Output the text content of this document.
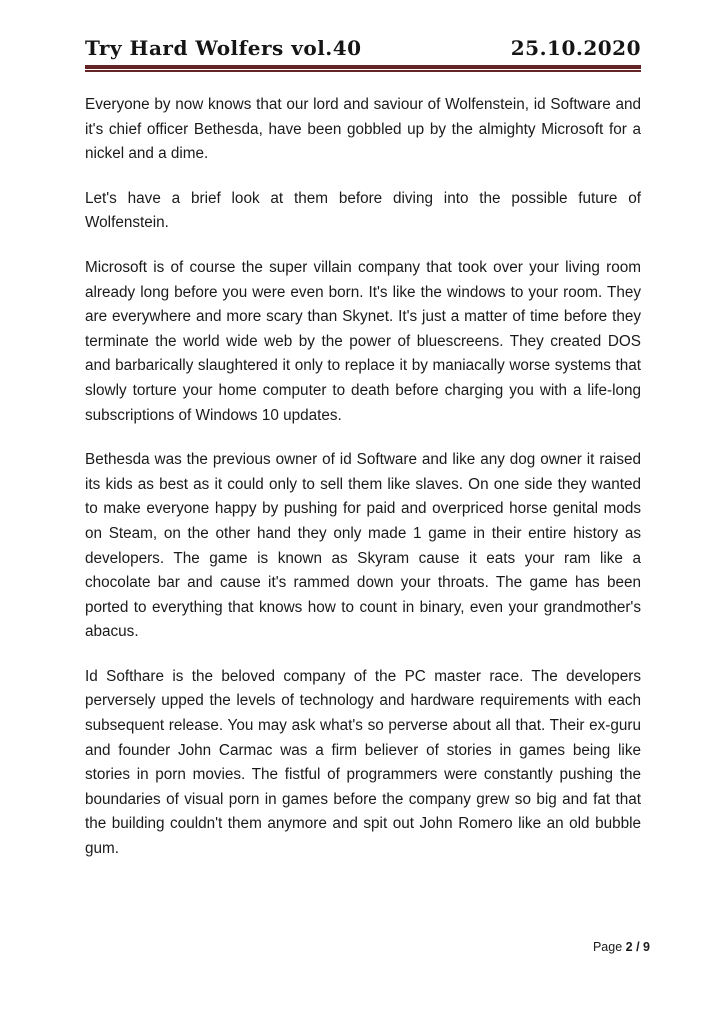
Try Hard Wolfers vol.40	25.10.2020

Everyone by now knows that our lord and saviour of Wolfenstein, id Software and it's chief officer Bethesda, have been gobbled up by the almighty Microsoft for a nickel and a dime.

Let's have a brief look at them before diving into the possible future of Wolfenstein.

Microsoft is of course the super villain company that took over your living room already long before you were even born. It's like the windows to your room. They are everywhere and more scary than Skynet. It's just a matter of time before they terminate the world wide web by the power of bluescreens. They created DOS and barbarically slaughtered it only to replace it by maniacally worse systems that slowly torture your home computer to death before charging you with a life-long subscriptions of Windows 10 updates.

Bethesda was the previous owner of id Software and like any dog owner it raised its kids as best as it could only to sell them like slaves. On one side they wanted to make everyone happy by pushing for paid and overpriced horse genital mods on Steam, on the other hand they only made 1 game in their entire history as developers. The game is known as Skyram cause it eats your ram like a chocolate bar and cause it's rammed down your throats. The game has been ported to everything that knows how to count in binary, even your grandmother's abacus.

Id Softhare is the beloved company of the PC master race. The developers perversely upped the levels of technology and hardware requirements with each subsequent release. You may ask what's so perverse about all that. Their ex-guru and founder John Carmac was a firm believer of stories in games being like stories in porn movies. The fistful of programmers were constantly pushing the boundaries of visual porn in games before the company grew so big and fat that the building couldn't them anymore and spit out John Romero like an old bubble gum.

Page 2 / 9
